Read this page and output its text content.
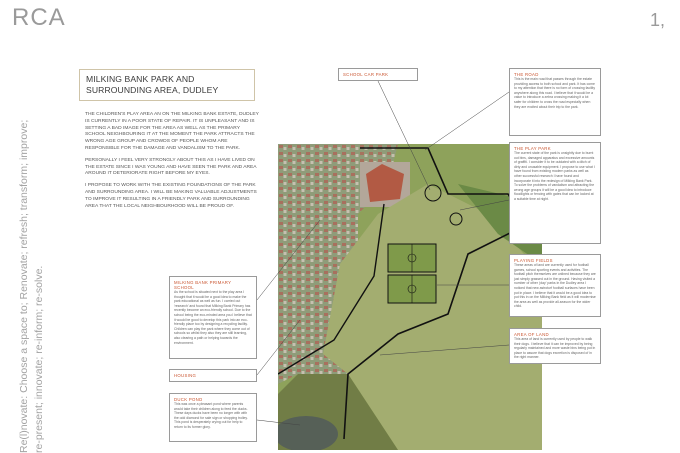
RCA	1,
Re(l)novate: Choose a space to; Renovate; refresh; transform; improve; re-present; innovate; re-inform; re-solve.
MILKING BANK PARK AND
SURROUNDING AREA, DUDLEY

THE CHILDREN'S PLAY AREA AN ON THE MILKING BANK ESTATE, DUDLEY IS CURRENTLY IN A POOR STATE OF REPAIR. IT IS UNPLEASANT AND IS SETTING A BAD IMAGE FOR THE AREA AS WELL AS THE PRIMARY SCHOOL NEIGHBOURING IT AT THE MOMENT THE PARK ATTRACTS THE WRONG AGE GROUP AND CROWDS OF PEOPLE WHOM ARE RESPONSIBLE FOR THE DAMAGE AND VANDALISM TO THE PARK.

PERSONALLY I FEEL VERY STRONGLY ABOUT THIS AS I HAVE LIVED ON THE ESTATE SINCE I WAS YOUNG AND HAVE SEEN THE PARK AND AREA AROUND IT DETERIORATE RIGHT BEFORE MY EYES.

I PROPOSE TO WORK WITH THE EXISTING FOUNDATIONS OF THE PARK AND SURROUNDING AREA. I WILL BE MAKING VALUABLE ADJUSTMENTS TO IMPROVE IT RESULTING IN A FRIENDLY PARK AND SURROUNDING AREA THAT THE LOCAL NEIGHBOURHOOD WILL BE PROUD OF.

SCHOOL CAR PARK	THE ROAD
This is the main road that passes through the estate providing access to both school and park. It has come to my attention that there is no form of crossing facility anywhere along this road. I believe that it would be a value to introduce a zebra crossing making it a lot safer for children to cross the road especially when they are excited about their trip to the park.
THE PLAY PARK
The current state of the park is unsightly due to burnt out bins, damaged apparatus and excessive amounts of graffiti. I consider it to be outdated with a ditch of dirty and unusable equipment. I propose to use what I have found from existing modern parks as well as other successful research I have found and incorporate it into the redesign of Milking Bank Park. To solve the problems of vandalism and attracting the wrong age groups it will be a good idea to introduce floodlights or fencing with gates that can be locked at a suitable time at night.
PLAYING FIELDS
These areas of land are currently used for football games, school sporting events and activities. The football pitch themselves are unlined because they are just simply grassed out in the ground. Having visited a number of other 'play' parks in the Dudley area I noticed that new astroturf football surfaces have been put in place. I believe that it would be a good idea to put this in on the Milking Bank field as it will modernise the area as well as provide all-season for the wider child.
AREA OF LAND
This area of land is currently used by people to walk their dogs. I believe that it can be improved by being regularly maintained and more waste bins being put in place to assure that dogs excretion is disposed of in the right manner.
MILKING BANK PRIMARY SCHOOL
As the school is situated next to the play area I thought that it would be a good idea to make the park educational as well as fun. I carried out 'research' and found that Milking Bank Primary has recently become an eco-friendly school. Due to the school being the eco-minded area you I believe that it would be good to develop this park into an eco-friendly place too by designing a recycling facility. Children can play the park where they come out of schools so whilst they also they are still learning, also clearing a path or helping towards the environment.
HOUSING
DUCK POND
This was once a pleasant pond where parents would take their children along to feed the ducks. These days ducks have been no longer with with the odd diamond for sale sign or shopping trolley. This pond is desperately crying out for help to return to its former glory.
